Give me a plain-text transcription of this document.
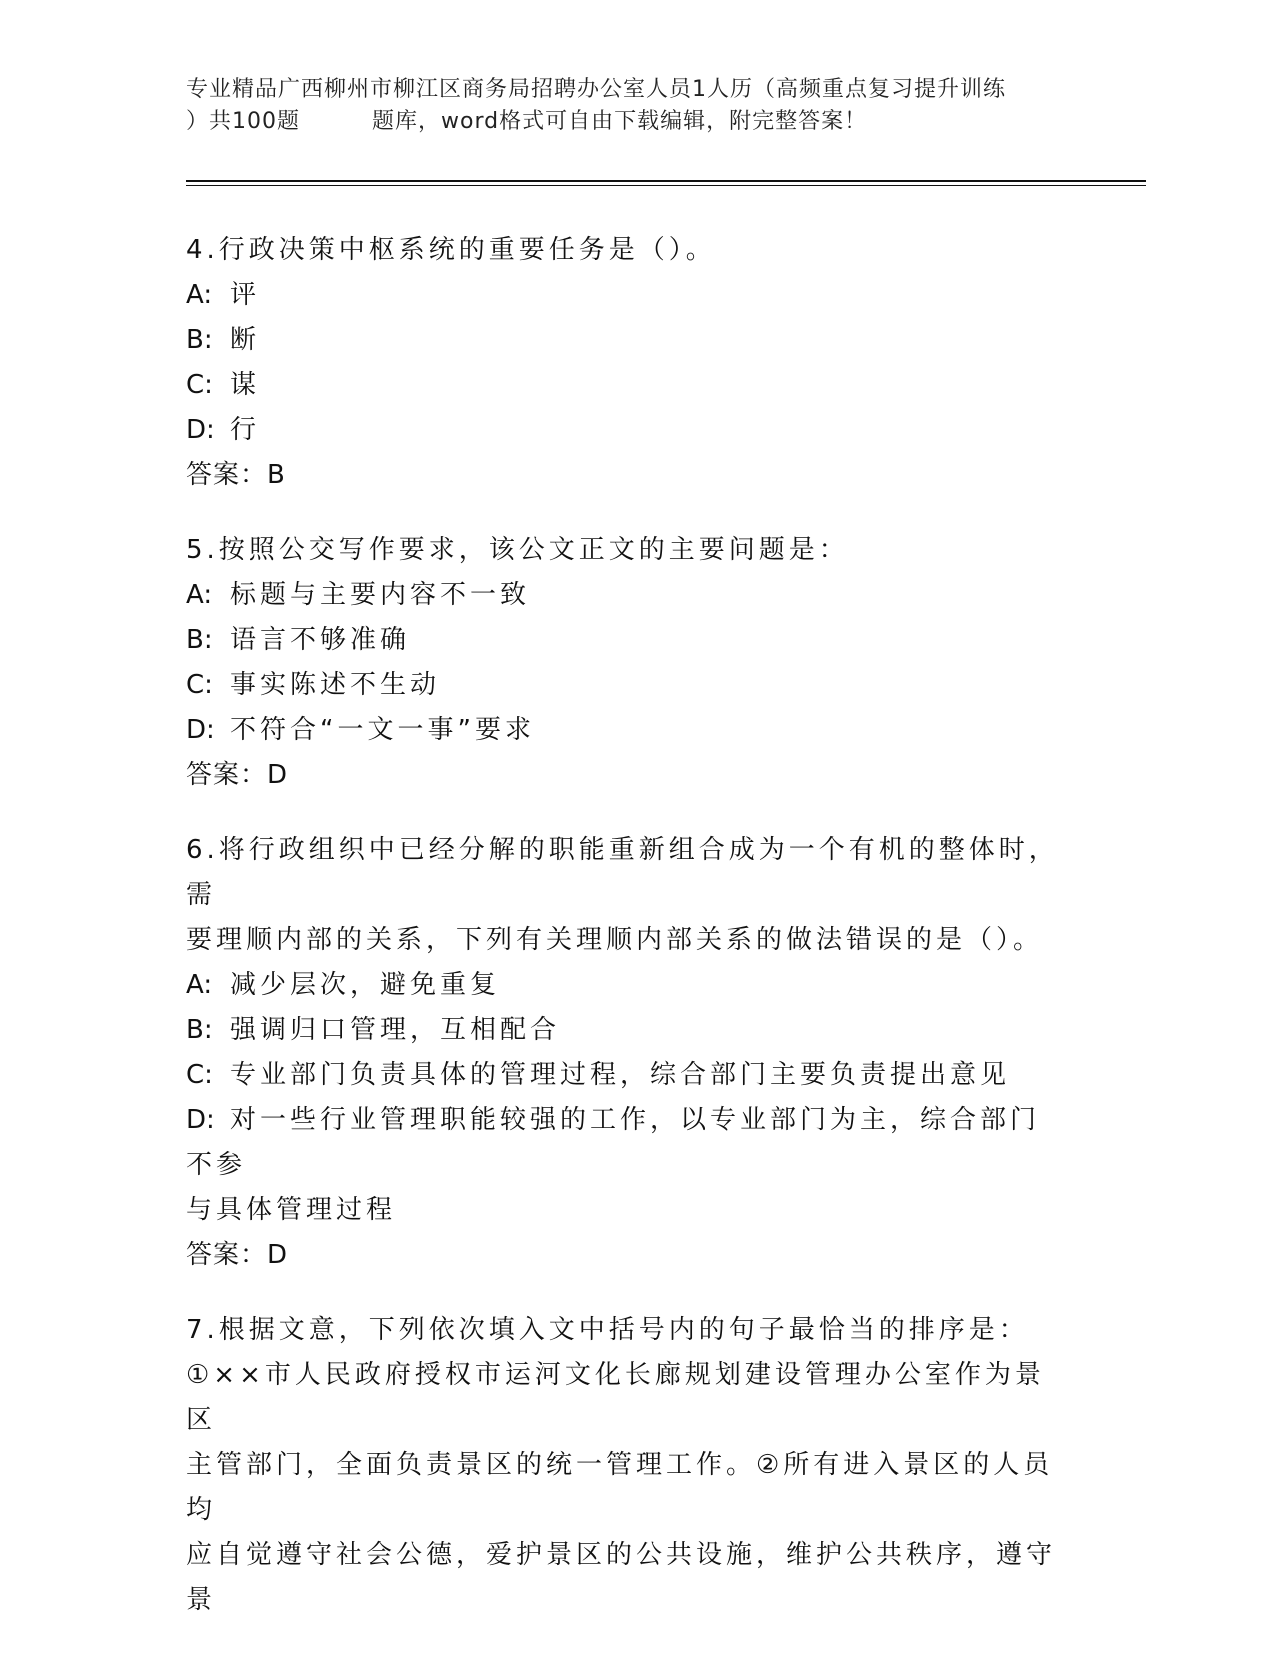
专业精品广西柳州市柳江区商务局招聘办公室人员1人历（高频重点复习提升训练
）共100题	题库，word格式可自由下载编辑，附完整答案！

4.行政决策中枢系统的重要任务是（）。

A: 评

B: 断

C: 谋

D: 行

答案：B

5.按照公交写作要求，该公文正文的主要问题是：

A: 标题与主要内容不一致

B: 语言不够准确

C: 事实陈述不生动

D: 不符合“一文一事”要求

答案：D

6.将行政组织中已经分解的职能重新组合成为一个有机的整体时，需

要理顺内部的关系，下列有关理顺内部关系的做法错误的是（）。

A: 减少层次，避免重复

B: 强调归口管理，互相配合

C: 专业部门负责具体的管理过程，综合部门主要负责提出意见

D: 对一些行业管理职能较强的工作，以专业部门为主，综合部门不参

与具体管理过程

答案：D

7.根据文意，下列依次填入文中括号内的句子最恰当的排序是：

①××市人民政府授权市运河文化长廊规划建设管理办公室作为景区

主管部门，全面负责景区的统一管理工作。②所有进入景区的人员均

应自觉遵守社会公德，爱护景区的公共设施，维护公共秩序，遵守景
